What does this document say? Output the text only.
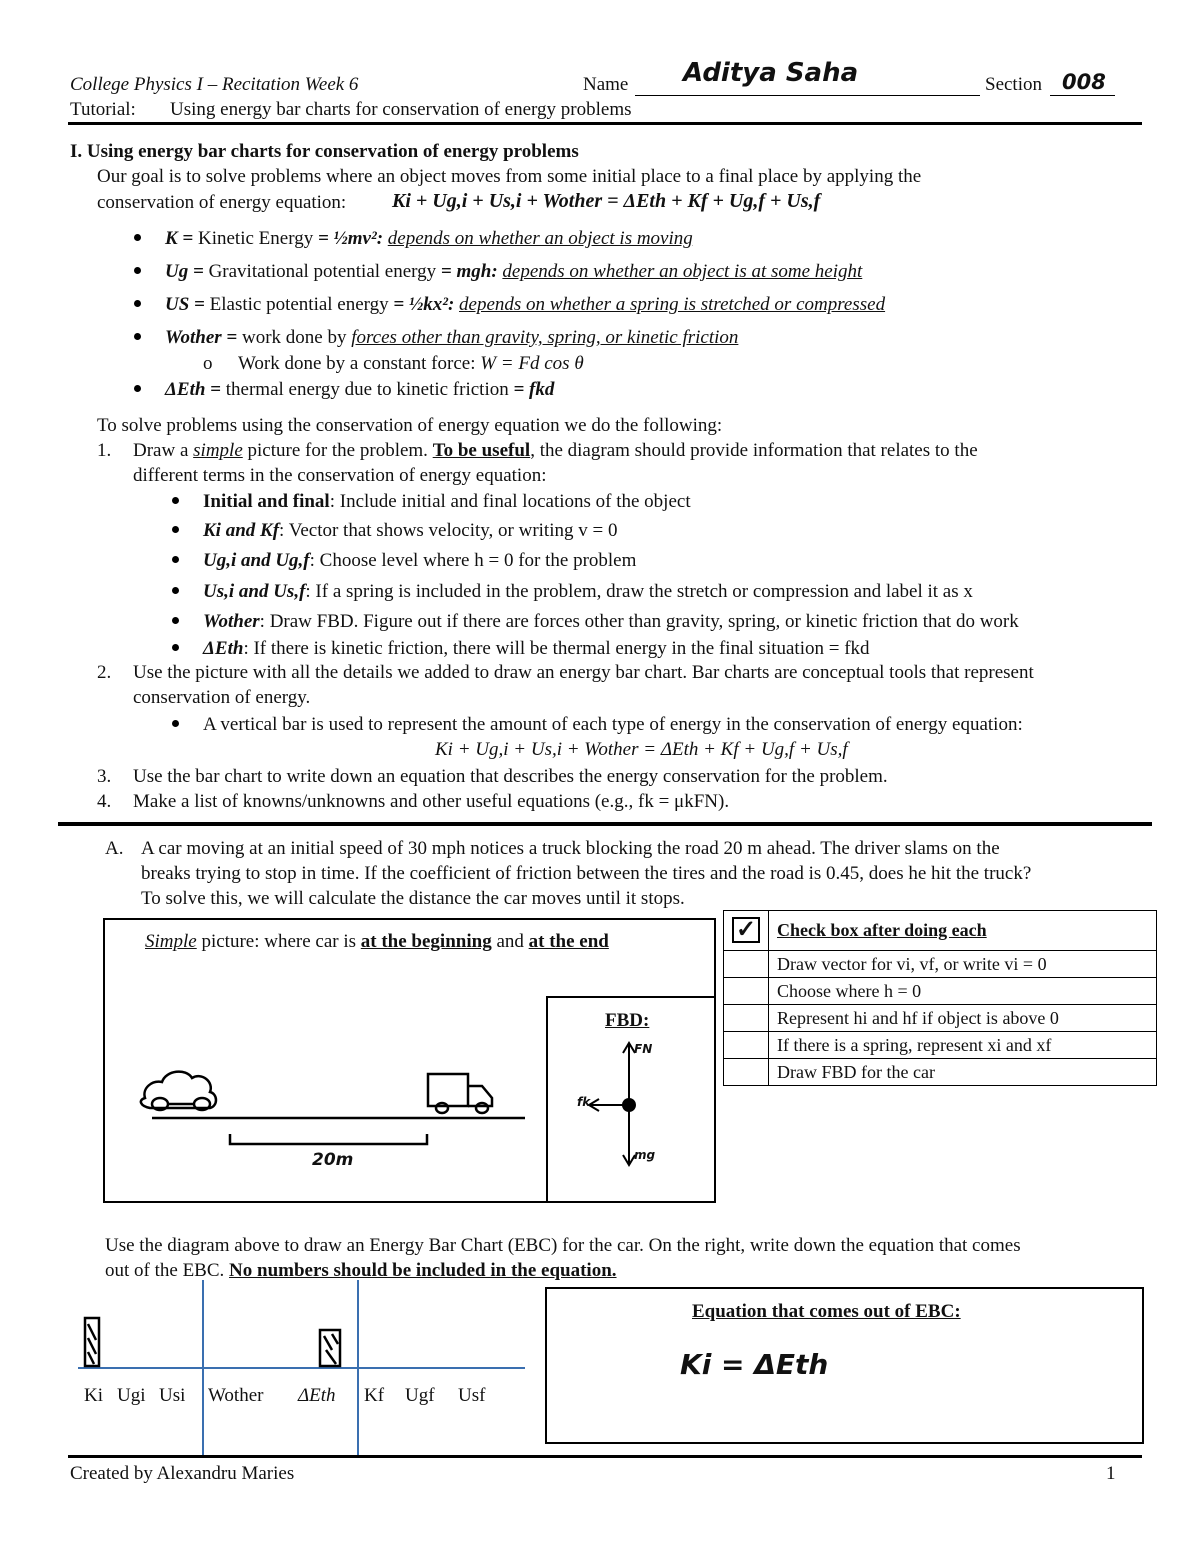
College Physics I – Recitation Week 6	Name Aditya Saha	Section 008
Tutorial: Using energy bar charts for conservation of energy problems
I. Using energy bar charts for conservation of energy problems
Our goal is to solve problems where an object moves from some initial place to a final place by applying the
conservation of energy equation: Ki + Ug,i + Us,i + Wother = ΔEth + Kf + Ug,f + Us,f
K = Kinetic Energy = ½mv²: depends on whether an object is moving
Ug = Gravitational potential energy = mgh: depends on whether an object is at some height
US = Elastic potential energy = ½kx²: depends on whether a spring is stretched or compressed
Wother = work done by forces other than gravity, spring, or kinetic friction
o Work done by a constant force: W = Fd cos θ
ΔEth = thermal energy due to kinetic friction = fkd
To solve problems using the conservation of energy equation we do the following:
1. Draw a simple picture for the problem. To be useful, the diagram should provide information that relates to the
different terms in the conservation of energy equation:
Initial and final: Include initial and final locations of the object
Ki and Kf: Vector that shows velocity, or writing v = 0
Ug,i and Ug,f: Choose level where h = 0 for the problem
Us,i and Us,f: If a spring is included in the problem, draw the stretch or compression and label it as x
Wother: Draw FBD. Figure out if there are forces other than gravity, spring, or kinetic friction that do work
ΔEth: If there is kinetic friction, there will be thermal energy in the final situation = fkd
2. Use the picture with all the details we added to draw an energy bar chart. Bar charts are conceptual tools that represent
conservation of energy.
A vertical bar is used to represent the amount of each type of energy in the conservation of energy equation:
Ki + Ug,i + Us,i + Wother = ΔEth + Kf + Ug,f + Us,f
3. Use the bar chart to write down an equation that describes the energy conservation for the problem.
4. Make a list of knowns/unknowns and other useful equations (e.g., fk = μkFN).
A. A car moving at an initial speed of 30 mph notices a truck blocking the road 20 m ahead. The driver slams on the
breaks trying to stop in time. If the coefficient of friction between the tires and the road is 0.45, does he hit the truck?
To solve this, we will calculate the distance the car moves until it stops.
Simple picture: where car is at the beginning and at the end
20m
FBD:
FN
fk
mg
✓	Check box after doing each
	Draw vector for vi, vf, or write vi = 0
	Choose where h = 0
	Represent hi and hf if object is above 0
	If there is a spring, represent xi and xf
	Draw FBD for the car
Use the diagram above to draw an Energy Bar Chart (EBC) for the car. On the right, write down the equation that comes
out of the EBC. No numbers should be included in the equation.
Ki Ugi Usi Wother ΔEth Kf Ugf Usf
Equation that comes out of EBC:
Ki = ΔEth
Created by Alexandru Maries	1
